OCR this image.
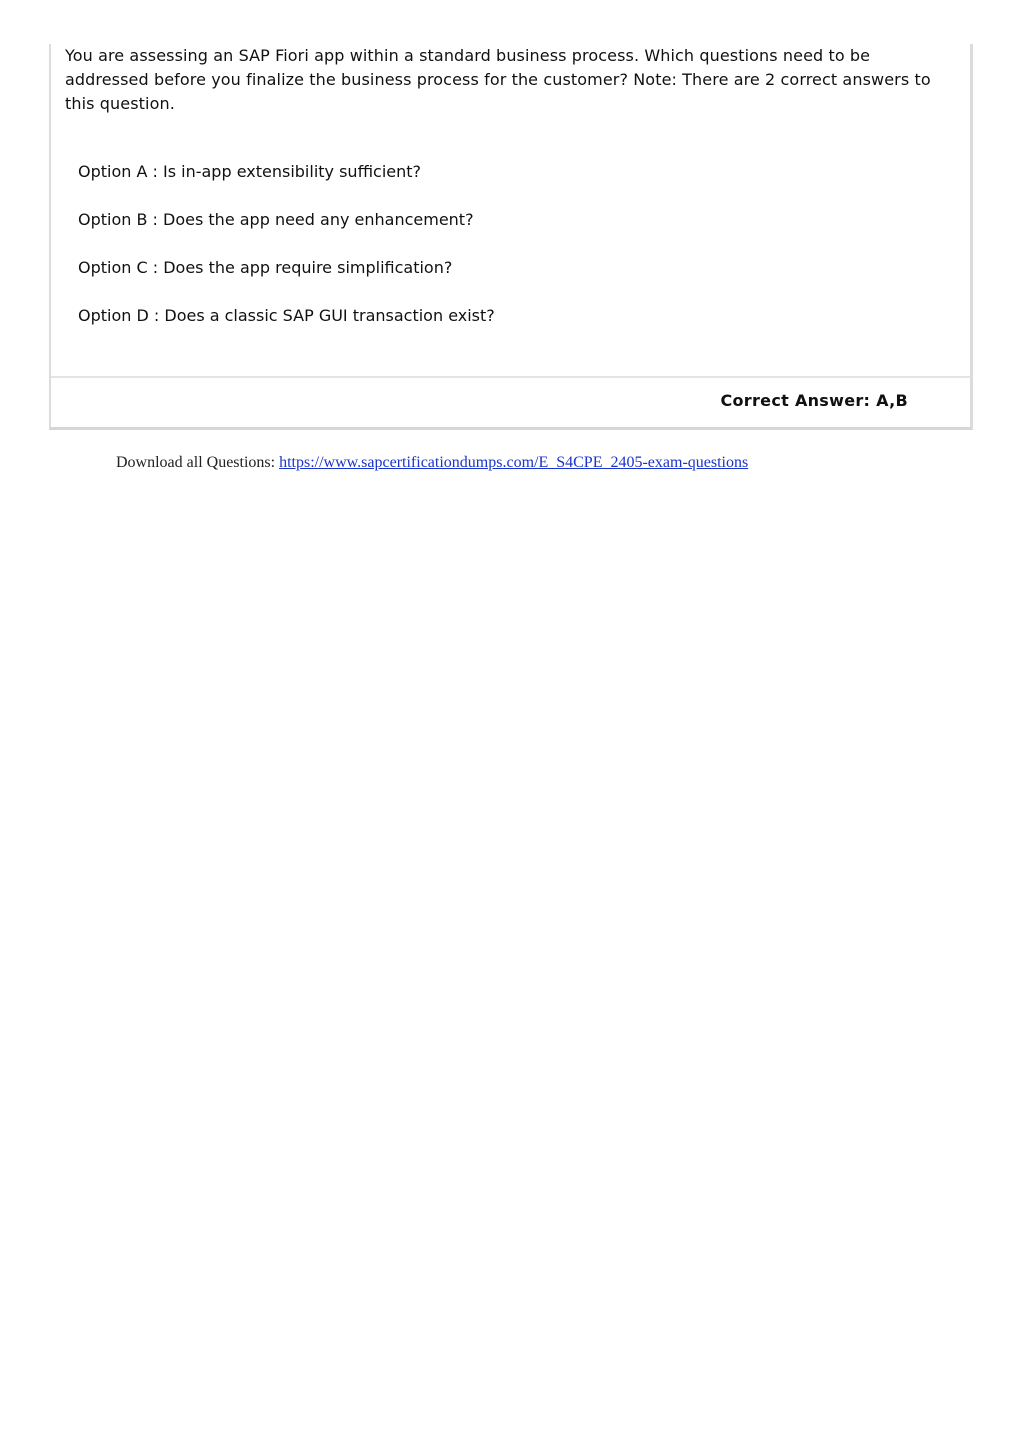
You are assessing an SAP Fiori app within a standard business process. Which questions need to be addressed before you finalize the business process for the customer? Note: There are 2 correct answers to this question.

Option A : Is in-app extensibility sufficient?
Option B : Does the app need any enhancement?
Option C : Does the app require simplification?
Option D : Does a classic SAP GUI transaction exist?
Correct Answer: A,B
Download all Questions: https://www.sapcertificationdumps.com/E_S4CPE_2405-exam-questions
